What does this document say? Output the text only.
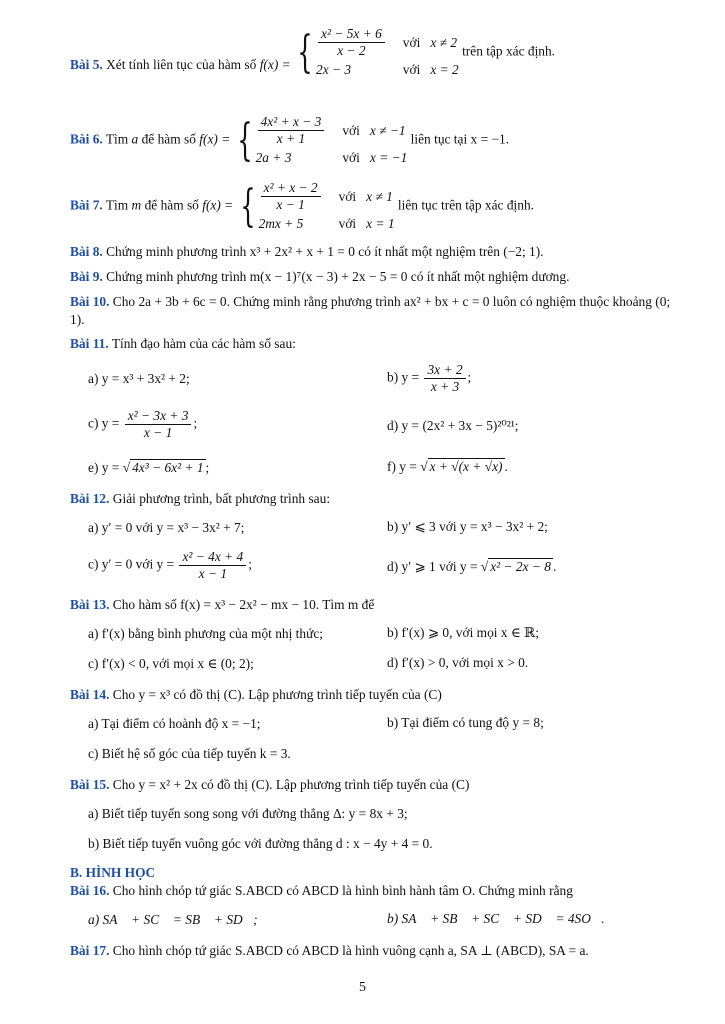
Bài 5. Xét tính liên tục của hàm số f(x) = { $\frac{\text{x² − 5x + 6}}{x - 2}$ với x ≠ 2
2x − 3	với x = 2
trên tập xác định.
Bài 6. Tìm a để hàm số f(x) = { $\frac{\text{4x² + x − 3}}{x + 1}$ với x ≠ −1
2a + 3	với x = −1
liên tục tại x = −1.
Bài 7. Tìm m để hàm số f(x) = { $\frac{\text{x² + x − 2}}{x - 1}$ với x ≠ 1
2mx + 5	với x = 1
liên tục trên tập xác định.
Bài 8. Chứng minh phương trình x³ + 2x² + x + 1 = 0 có ít nhất một nghiệm trên (−2; 1).
Bài 9. Chứng minh phương trình m(x − 1)⁷(x − 3) + 2x − 5 = 0 có ít nhất một nghiệm dương.
Bài 10. Cho 2a + 3b + 6c = 0. Chứng minh rằng phương trình ax² + bx + c = 0 luôn có nghiệm thuộc khoảng (0; 1).
Bài 11. Tính đạo hàm của các hàm số sau:
a) y = x³ + 3x² + 2;	b) $y = \frac{3x + 2}{x + 3}$ ;
c) $y = \frac{\text{x² − 3x + 3}}{x - 1}$ ;	d) y = (2x² + 3x − 5)²⁰²¹;
e) y = √ 4x³ − 6x² + 1 ;	f) y = √ x + √(x + √x) .
Bài 12. Giải phương trình, bất phương trình sau:
a) y′ = 0 với y = x³ − 3x² + 7;	b) y′ ⩽ 3 với y = x³ − 3x² + 2;
c) y′ = 0 với $y = \frac{\text{x² − 4x + 4}}{x - 1}$ ;	d) y′ ⩾ 1 với y = √ x² − 2x − 8 .
Bài 13. Cho hàm số f(x) = x³ − 2x² − mx − 10. Tìm m để
a) f′(x) bằng bình phương của một nhị thức;	b) f′(x) ⩾ 0, với mọi x ∈ ℝ;
c) f′(x) < 0, với mọi x ∈ (0; 2);	d) f′(x) > 0, với mọi x > 0.
Bài 14. Cho y = x³ có đồ thị (C). Lập phương trình tiếp tuyến của (C)
a) Tại điểm có hoành độ x = −1;	b) Tại điểm có tung độ y = 8;
c) Biết hệ số góc của tiếp tuyến k = 3.
Bài 15. Cho y = x² + 2x có đồ thị (C). Lập phương trình tiếp tuyến của (C)
a) Biết tiếp tuyến song song với đường thẳng Δ: y = 8x + 3;
b) Biết tiếp tuyến vuông góc với đường thẳng d : x − 4y + 4 = 0.
B. HÌNH HỌC
Bài 16. Cho hình chóp tứ giác S.ABCD có ABCD là hình bình hành tâm O. Chứng minh rằng
a) SA⃗ + SC⃗ = SB⃗ + SD⃗;	b) SA⃗ + SB⃗ + SC⃗ + SD⃗ = 4SO⃗.
Bài 17. Cho hình chóp tứ giác S.ABCD có ABCD là hình vuông cạnh a, SA ⊥ (ABCD), SA = a.
5
